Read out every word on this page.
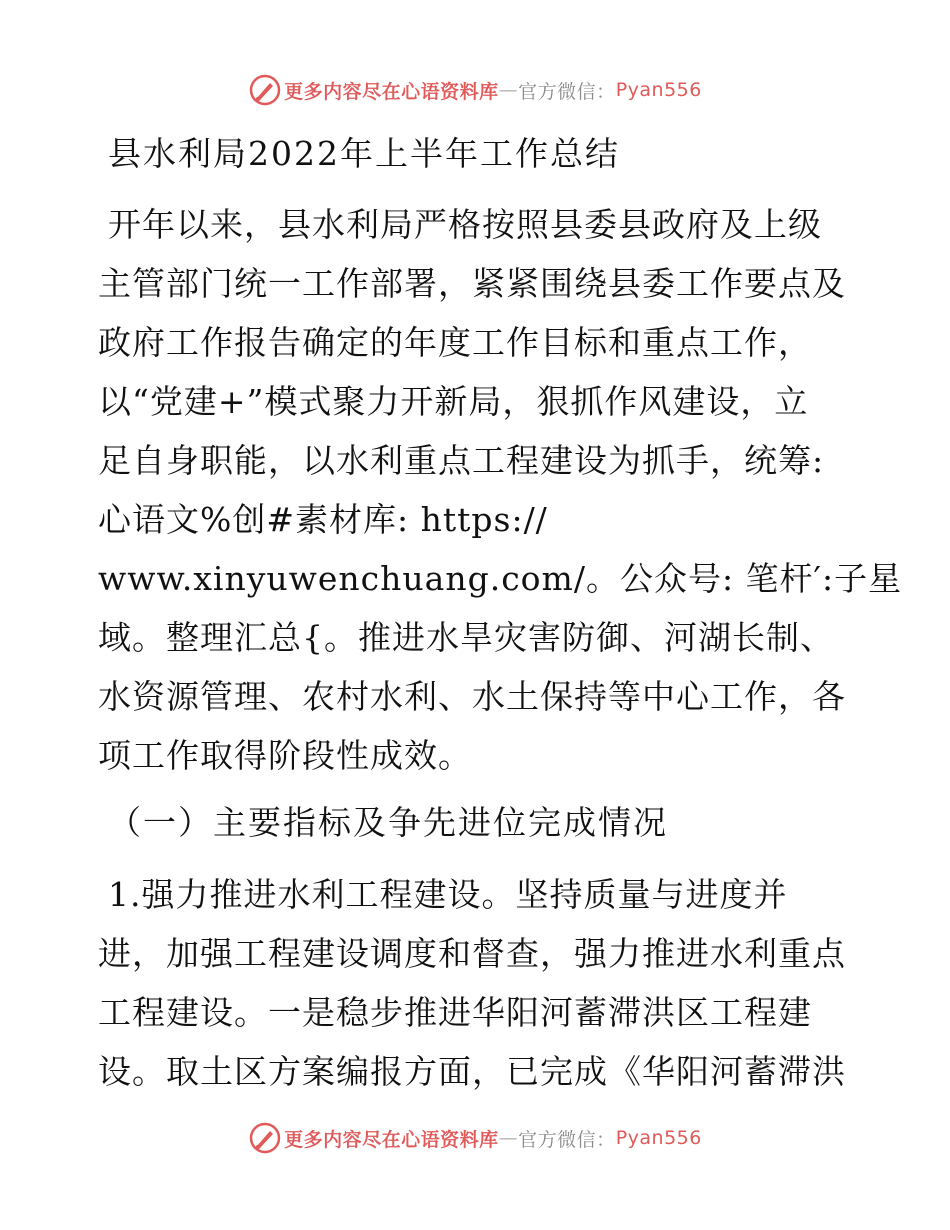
更多内容尽在心语资料库 — 官方微信： Pyan556
县水利局2022年上半年工作总结
开年以来，县水利局严格按照县委县政府及上级
主管部门统一工作部署，紧紧围绕县委工作要点及
政府工作报告确定的年度工作目标和重点工作，
以“党建+”模式聚力开新局，狠抓作风建设，立
足自身职能，以水利重点工程建设为抓手，统筹:
心语文%创#素材库: https://
www.xinyuwenchuang.com/。公众号: 笔杆′:子星
域。整理汇总{。推进水旱灾害防御、河湖长制、
水资源管理、农村水利、水土保持等中心工作，各
项工作取得阶段性成效。
（一）主要指标及争先进位完成情况
1.强力推进水利工程建设。坚持质量与进度并
进，加强工程建设调度和督查，强力推进水利重点
工程建设。一是稳步推进华阳河蓄滞洪区工程建
设。取土区方案编报方面，已完成《华阳河蓄滞洪
更多内容尽在心语资料库 — 官方微信： Pyan556
